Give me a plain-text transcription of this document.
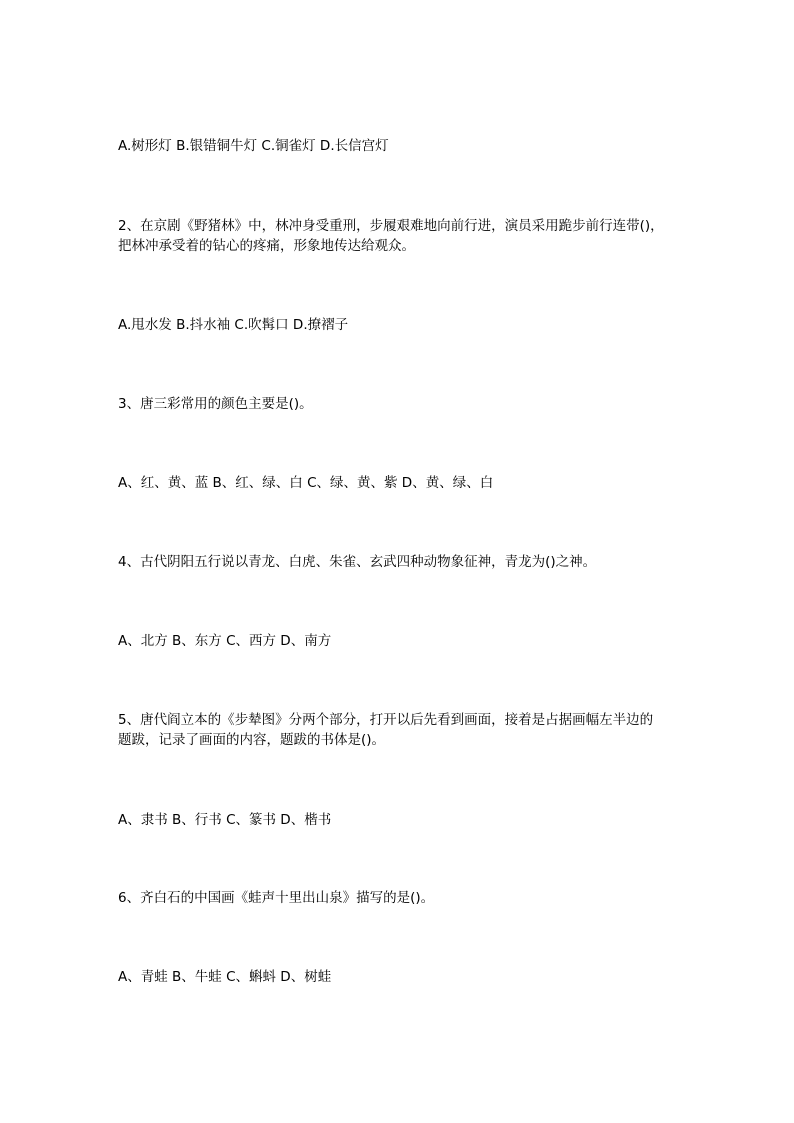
A.树形灯 B.银错铜牛灯 C.铜雀灯 D.长信宫灯
2、在京剧《野猪林》中，林冲身受重刑，步履艰难地向前行进，演员采用跪步前行连带()，
把林冲承受着的钻心的疼痛，形象地传达给观众。
A.甩水发 B.抖水袖 C.吹髯口 D.撩褶子
3、唐三彩常用的颜色主要是()。
A、红、黄、蓝 B、红、绿、白 C、绿、黄、紫 D、黄、绿、白
4、古代阴阳五行说以青龙、白虎、朱雀、玄武四种动物象征神，青龙为()之神。
A、北方 B、东方 C、西方 D、南方
5、唐代阎立本的《步辇图》分两个部分，打开以后先看到画面，接着是占据画幅左半边的
题跋，记录了画面的内容，题跋的书体是()。
A、隶书 B、行书 C、篆书 D、楷书
6、齐白石的中国画《蛙声十里出山泉》描写的是()。
A、青蛙 B、牛蛙 C、蝌蚪 D、树蛙
